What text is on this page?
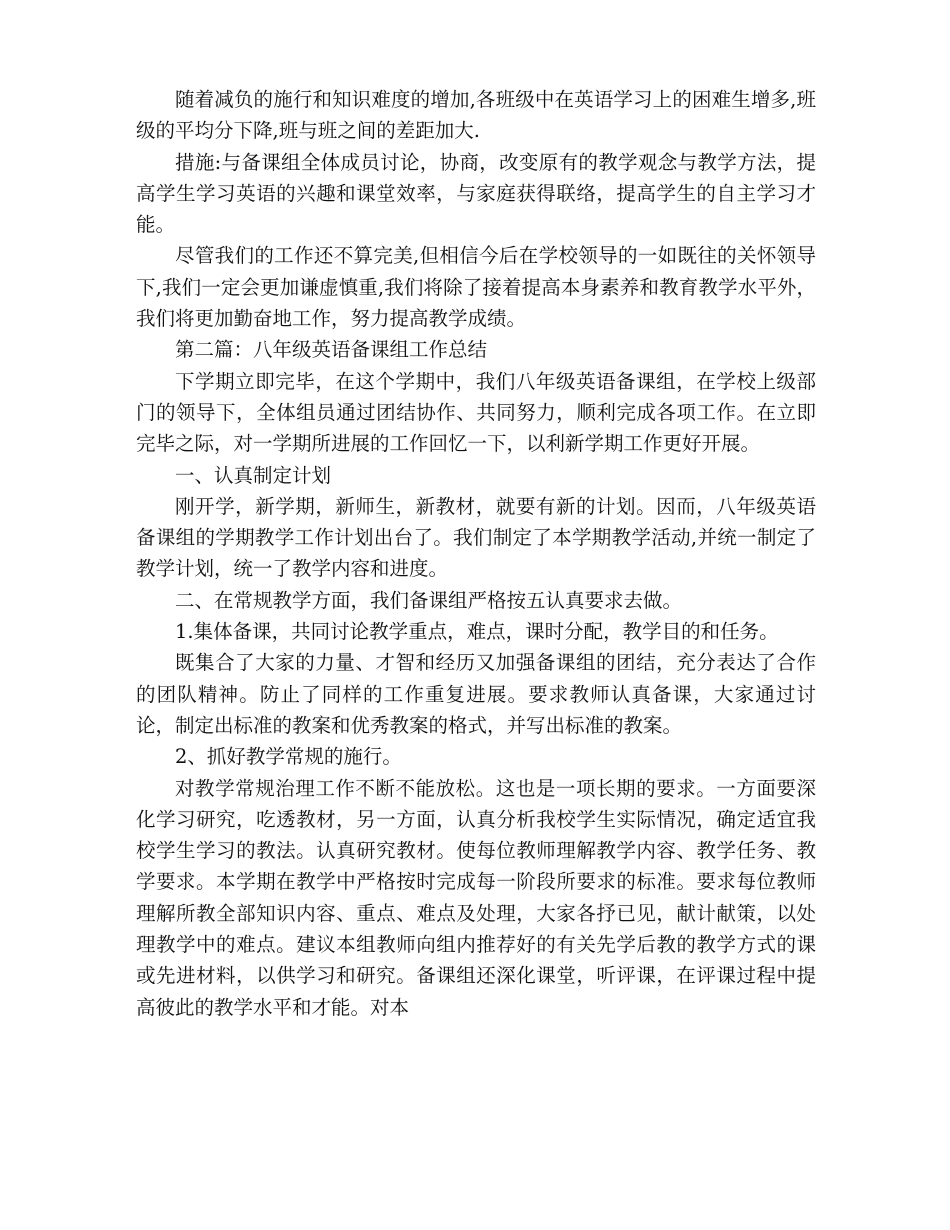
随着减负的施行和知识难度的增加,各班级中在英语学习上的困难生增多,班级的平均分下降,班与班之间的差距加大.

措施:与备课组全体成员讨论，协商，改变原有的教学观念与教学方法，提高学生学习英语的兴趣和课堂效率，与家庭获得联络，提高学生的自主学习才能。

尽管我们的工作还不算完美,但相信今后在学校领导的一如既往的关怀领导下,我们一定会更加谦虚慎重,我们将除了接着提高本身素养和教育教学水平外，我们将更加勤奋地工作，努力提高教学成绩。

第二篇：八年级英语备课组工作总结

下学期立即完毕，在这个学期中，我们八年级英语备课组，在学校上级部门的领导下，全体组员通过团结协作、共同努力，顺利完成各项工作。在立即完毕之际，对一学期所进展的工作回忆一下，以利新学期工作更好开展。

一、认真制定计划

刚开学，新学期，新师生，新教材，就要有新的计划。因而，八年级英语备课组的学期教学工作计划出台了。我们制定了本学期教学活动,并统一制定了教学计划，统一了教学内容和进度。

二、在常规教学方面，我们备课组严格按五认真要求去做。

1.集体备课，共同讨论教学重点，难点，课时分配，教学目的和任务。

既集合了大家的力量、才智和经历又加强备课组的团结，充分表达了合作的团队精神。防止了同样的工作重复进展。要求教师认真备课，大家通过讨论，制定出标准的教案和优秀教案的格式，并写出标准的教案。

2、抓好教学常规的施行。

对教学常规治理工作不断不能放松。这也是一项长期的要求。一方面要深化学习研究，吃透教材，另一方面，认真分析我校学生实际情况，确定适宜我校学生学习的教法。认真研究教材。使每位教师理解教学内容、教学任务、教学要求。本学期在教学中严格按时完成每一阶段所要求的标准。要求每位教师理解所教全部知识内容、重点、难点及处理，大家各抒已见，献计献策，以处理教学中的难点。建议本组教师向组内推荐好的有关先学后教的教学方式的课或先进材料，以供学习和研究。备课组还深化课堂，听评课，在评课过程中提高彼此的教学水平和才能。对本
